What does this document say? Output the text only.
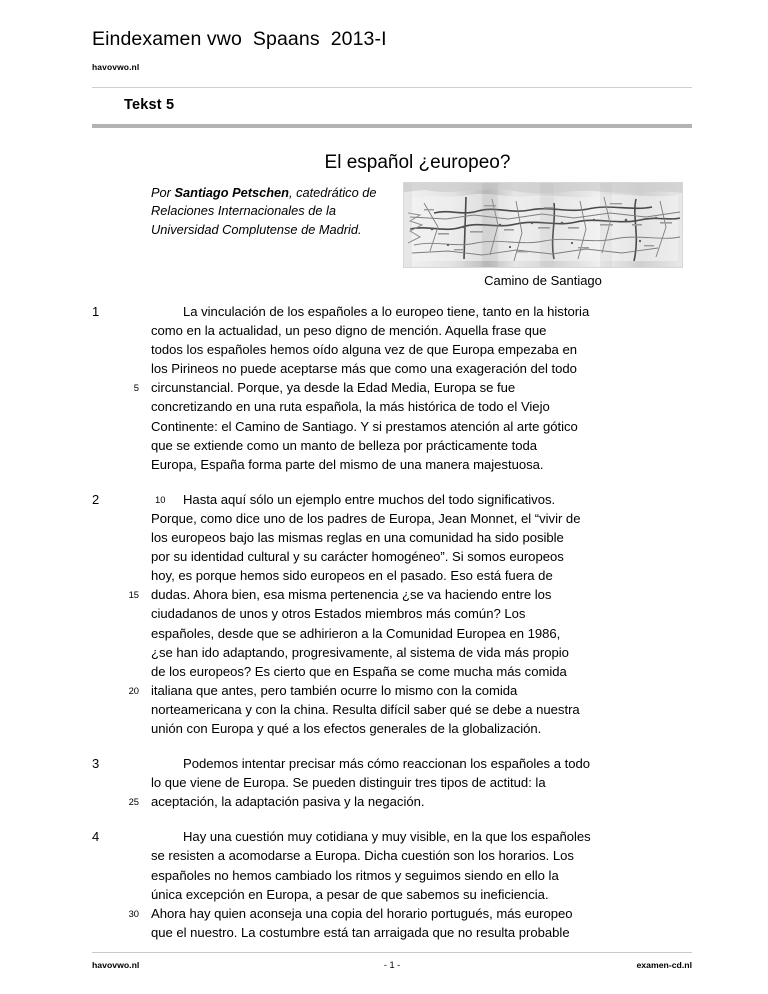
Eindexamen vwo  Spaans  2013-I
havovwo.nl
Tekst 5
El español ¿europeo?
Por Santiago Petschen, catedrático de Relaciones Internacionales de la Universidad Complutense de Madrid.
Camino de Santiago
1	La vinculación de los españoles a lo europeo tiene, tanto en la historia
como en la actualidad, un peso digno de mención. Aquella frase que
todos los españoles hemos oído alguna vez de que Europa empezaba en
los Pirineos no puede aceptarse más que como una exageración del todo
5 circunstancial. Porque, ya desde la Edad Media, Europa se fue
concretizando en una ruta española, la más histórica de todo el Viejo
Continente: el Camino de Santiago. Y si prestamos atención al arte gótico
que se extiende como un manto de belleza por prácticamente toda
Europa, España forma parte del mismo de una manera majestuosa.
2	10 Hasta aquí sólo un ejemplo entre muchos del todo significativos.
Porque, como dice uno de los padres de Europa, Jean Monnet, el “vivir de
los europeos bajo las mismas reglas en una comunidad ha sido posible
por su identidad cultural y su carácter homogéneo”. Si somos europeos
hoy, es porque hemos sido europeos en el pasado. Eso está fuera de
15 dudas. Ahora bien, esa misma pertenencia ¿se va haciendo entre los
ciudadanos de unos y otros Estados miembros más común? Los
españoles, desde que se adhirieron a la Comunidad Europea en 1986,
¿se han ido adaptando, progresivamente, al sistema de vida más propio
de los europeos? Es cierto que en España se come mucha más comida
20 italiana que antes, pero también ocurre lo mismo con la comida
norteamericana y con la china. Resulta difícil saber qué se debe a nuestra
unión con Europa y qué a los efectos generales de la globalización.
3	Podemos intentar precisar más cómo reaccionan los españoles a todo
lo que viene de Europa. Se pueden distinguir tres tipos de actitud: la
25 aceptación, la adaptación pasiva y la negación.
4	Hay una cuestión muy cotidiana y muy visible, en la que los españoles
se resisten a acomodarse a Europa. Dicha cuestión son los horarios. Los
españoles no hemos cambiado los ritmos y seguimos siendo en ello la
única excepción en Europa, a pesar de que sabemos su ineficiencia.
30 Ahora hay quien aconseja una copia del horario portugués, más europeo
que el nuestro. La costumbre está tan arraigada que no resulta probable
havovwo.nl	- 1 -	examen-cd.nl
